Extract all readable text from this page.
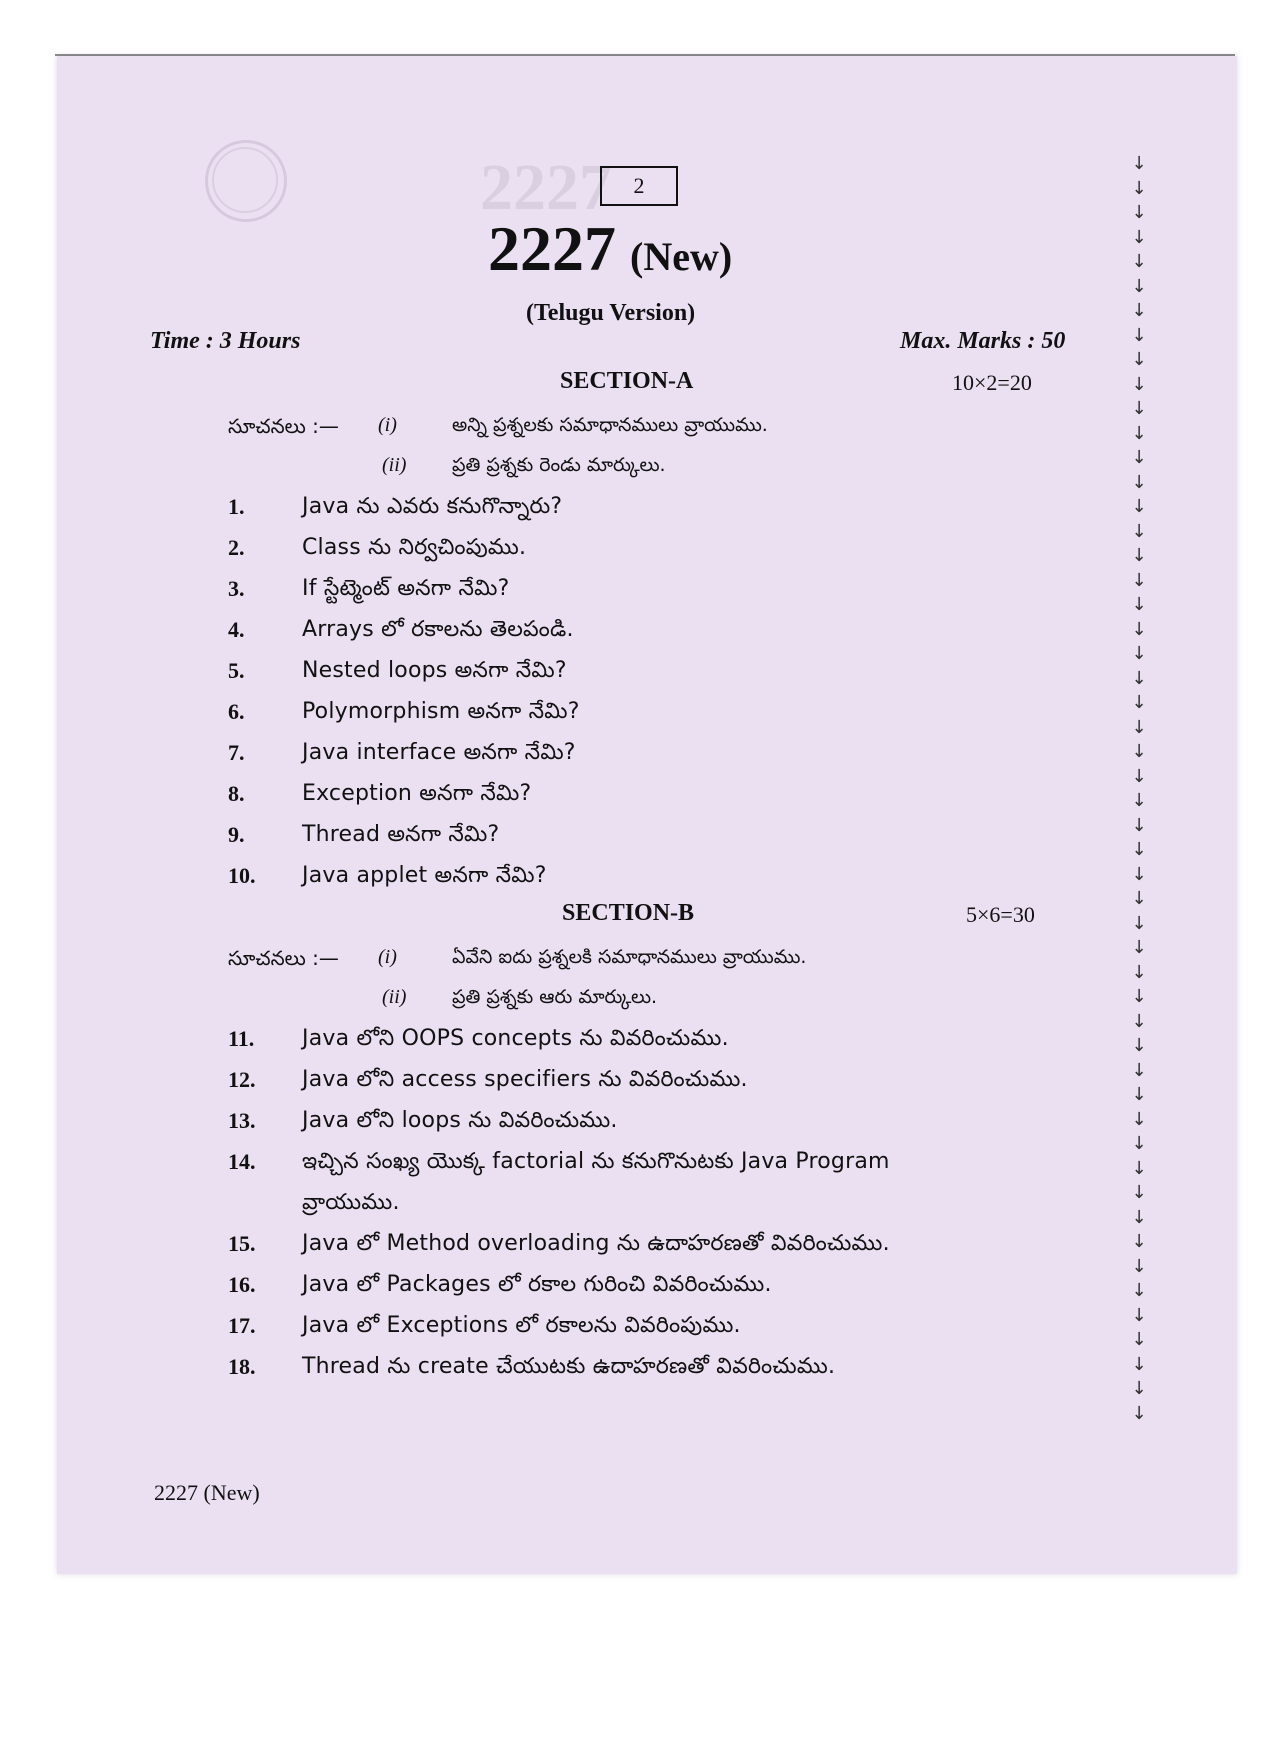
2227 2
2227 (New)
(Telugu Version)
Time : 3 Hours	Max. Marks : 50
SECTION-A	10×2=20
సూచనలు :— (i)	అన్ని ప్రశ్నలకు సమాధానములు వ్రాయుము.
(ii) ప్రతి ప్రశ్నకు రెండు మార్కులు.
1.	Java ను ఎవరు కనుగొన్నారు?
2.	Class ను నిర్వచింపుము.
3.	If స్టేట్మెంట్ అనగా నేమి?
4.	Arrays లో రకాలను తెలపండి.
5.	Nested loops అనగా నేమి?
6.	Polymorphism అనగా నేమి?
7.	Java interface అనగా నేమి?
8.	Exception అనగా నేమి?
9.	Thread అనగా నేమి?
10. Java applet అనగా నేమి?
SECTION-B	5×6=30
సూచనలు :— (i)	ఏవేని ఐదు ప్రశ్నలకి సమాధానములు వ్రాయుము.
(ii) ప్రతి ప్రశ్నకు ఆరు మార్కులు.
11. Java లోని OOPS concepts ను వివరించుము.
12. Java లోని access specifiers ను వివరించుము.
13. Java లోని loops ను వివరించుము.
14. ఇచ్చిన సంఖ్య యొక్క factorial ను కనుగొనుటకు Java Program
వ్రాయుము.
15. Java లో Method overloading ను ఉదాహరణతో వివరించుము.
16. Java లో Packages లో రకాల గురించి వివరించుము.
17. Java లో Exceptions లో రకాలను వివరింపుము.
18. Thread ను create చేయుటకు ఉదాహరణతో వివరించుము.
2227 (New)
↓
↓
↓
↓
↓
↓
↓
↓
↓
↓
↓
↓
↓
↓
↓
↓
↓
↓
↓
↓
↓
↓
↓
↓
↓
↓
↓
↓
↓
↓
↓
↓
↓
↓
↓
↓
↓
↓
↓
↓
↓
↓
↓
↓
↓
↓
↓
↓
↓
↓
↓
↓
